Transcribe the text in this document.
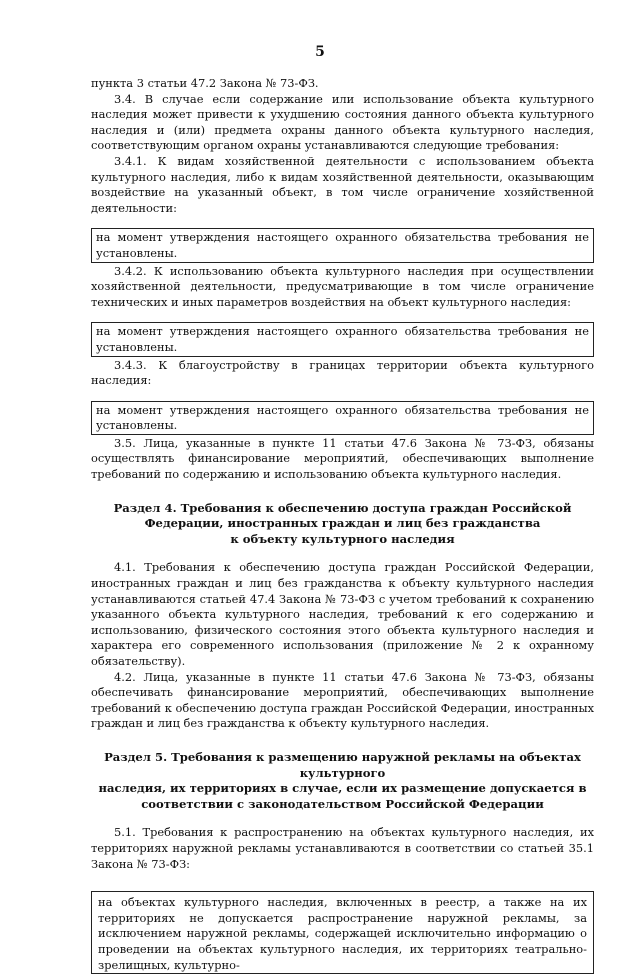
5

пункта 3 статьи 47.2 Закона № 73-ФЗ.

3.4. В случае если содержание или использование объекта культурного наследия может привести к ухудшению состояния данного объекта культурного наследия и (или) предмета охраны данного объекта культурного наследия, соответствующим органом охраны устанавливаются следующие требования:

3.4.1. К видам хозяйственной деятельности с использованием объекта культурного наследия, либо к видам хозяйственной деятельности, оказывающим воздействие на указанный объект, в том числе ограничение хозяйственной деятельности:

на момент утверждения настоящего охранного обязательства требования не установлены.

3.4.2. К использованию объекта культурного наследия при осуществлении хозяйственной деятельности, предусматривающие в том числе ограничение технических и иных параметров воздействия на объект культурного наследия:

на момент утверждения настоящего охранного обязательства требования не установлены.

3.4.3. К благоустройству в границах территории объекта культурного наследия:

на момент утверждения настоящего охранного обязательства требования не установлены.

3.5. Лица, указанные в пункте 11 статьи 47.6 Закона № 73-ФЗ, обязаны осуществлять финансирование мероприятий, обеспечивающих выполнение требований по содержанию и использованию объекта культурного наследия.

Раздел 4. Требования к обеспечению доступа граждан Российской
Федерации, иностранных граждан и лиц без гражданства
к объекту культурного наследия

4.1. Требования к обеспечению доступа граждан Российской Федерации, иностранных граждан и лиц без гражданства к объекту культурного наследия устанавливаются статьей 47.4 Закона № 73-ФЗ с учетом требований к сохранению указанного объекта культурного наследия, требований к его содержанию и использованию, физического состояния этого объекта культурного наследия и характера его современного использования (приложение № 2 к охранному обязательству).

4.2. Лица, указанные в пункте 11 статьи 47.6 Закона № 73-ФЗ, обязаны обеспечивать финансирование мероприятий, обеспечивающих выполнение требований к обеспечению доступа граждан Российской Федерации, иностранных граждан и лиц без гражданства к объекту культурного наследия.

Раздел 5. Требования к размещению наружной рекламы на объектах культурного
наследия, их территориях в случае, если их размещение допускается в
соответствии с законодательством Российской Федерации

5.1. Требования к распространению на объектах культурного наследия, их территориях наружной рекламы устанавливаются в соответствии со статьей 35.1 Закона № 73-ФЗ:

на объектах культурного наследия, включенных в реестр, а также на их территориях не допускается распространение наружной рекламы, за исключением наружной рекламы, содержащей исключительно информацию о проведении на объектах культурного наследия, их территориях театрально-зрелищных, культурно-
